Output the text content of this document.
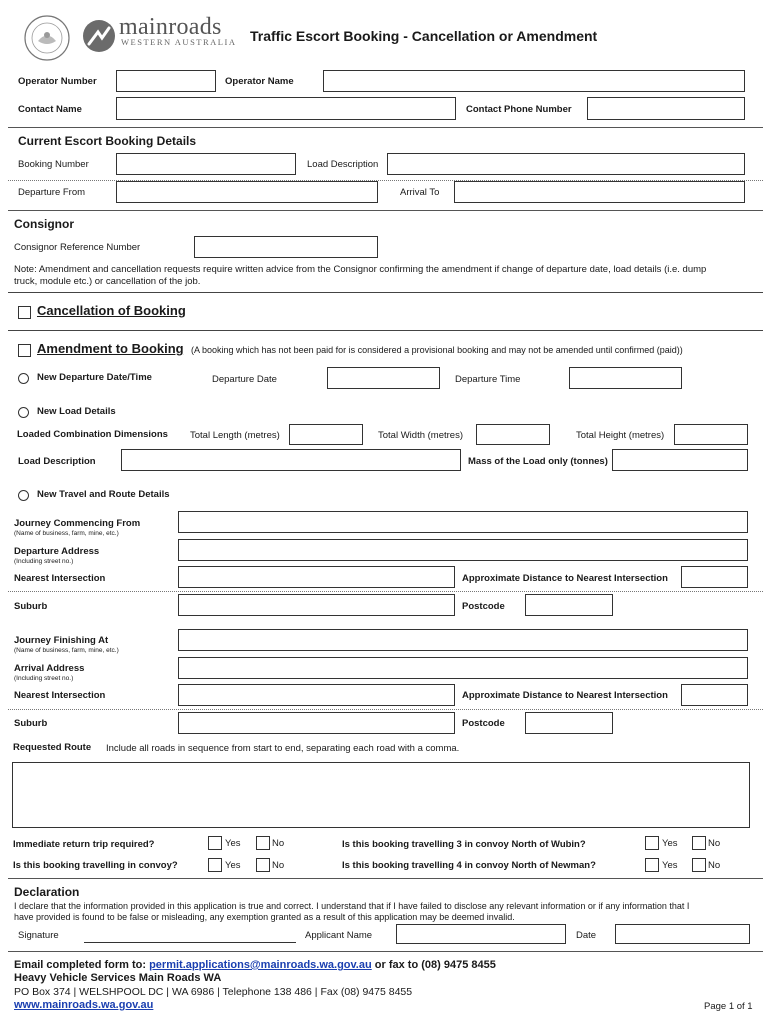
mainroads
WESTERN AUSTRALIA Traffic Escort Booking - Cancellation or Amendment
Operator Number	Operator Name
Contact Name	Contact Phone Number
Current Escort Booking Details
Booking Number	Load Description
Departure From	Arrival To
Consignor
Consignor Reference Number
Note: Amendment and cancellation requests require written advice from the Consignor confirming the amendment if change of departure date, load details (i.e. dump
truck, module etc.) or cancellation of the job.
Cancellation of Booking
Amendment to Booking (A booking which has not been paid for is considered a provisional booking and may not be amended until confirmed (paid))
New Departure Date/Time	Departure Date	Departure Time
New Load Details
Loaded Combination Dimensions Total Length (metres)	Total Width (metres)	Total Height (metres)
Load Description	Mass of the Load only (tonnes)
New Travel and Route Details
Journey Commencing From
(Name of business, farm, mine, etc.)
Departure Address
(Including street no.)
Nearest Intersection	Approximate Distance to Nearest Intersection
Suburb	Postcode
Journey Finishing At
(Name of business, farm, mine, etc.)
Arrival Address
(Including street no.)
Nearest Intersection	Approximate Distance to Nearest Intersection
Suburb	Postcode
Requested Route Include all roads in sequence from start to end, separating each road with a comma.
Immediate return trip required?	Yes	No	Is this booking travelling 3 in convoy North of Wubin?	Yes	No
Is this booking travelling in convoy?	Yes	No	Is this booking travelling 4 in convoy North of Newman?	Yes	No
Declaration
I declare that the information provided in this application is true and correct. I understand that if I have failed to disclose any relevant information or if any information that I
have provided is found to be false or misleading, any exemption granted as a result of this application may be deemed invalid.
Signature	Applicant Name	Date
Email completed form to: permit.applications@mainroads.wa.gov.au or fax to (08) 9475 8455
Heavy Vehicle Services Main Roads WA
PO Box 374 | WELSHPOOL DC | WA 6986 | Telephone 138 486 | Fax (08) 9475 8455
www.mainroads.wa.gov.au	Page 1 of 1
